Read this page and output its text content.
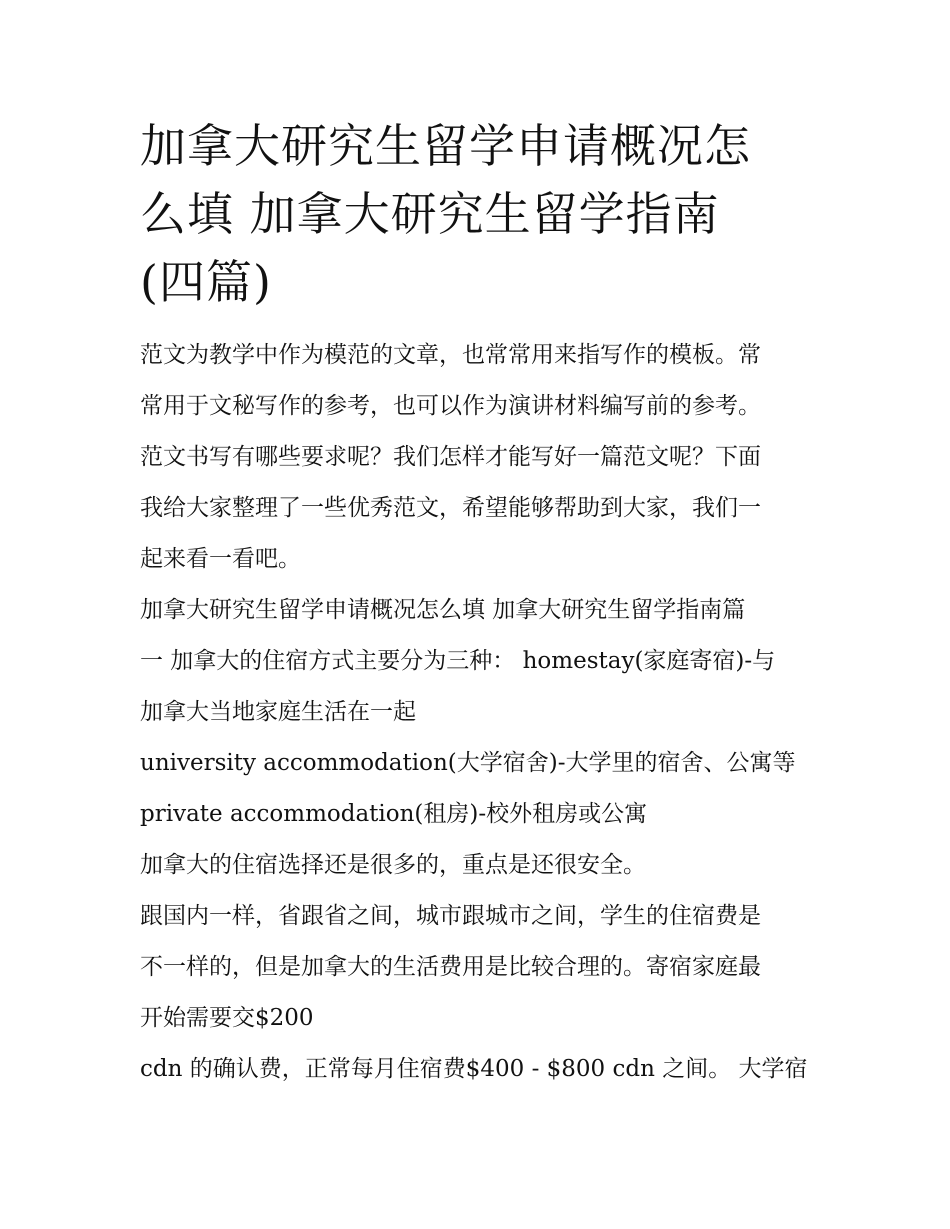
加拿大研究生留学申请概况怎
么填 加拿大研究生留学指南
(四篇)
范文为教学中作为模范的文章，也常常用来指写作的模板。常
常用于文秘写作的参考，也可以作为演讲材料编写前的参考。
范文书写有哪些要求呢？我们怎样才能写好一篇范文呢？下面
我给大家整理了一些优秀范文，希望能够帮助到大家，我们一
起来看一看吧。
加拿大研究生留学申请概况怎么填 加拿大研究生留学指南篇
一 加拿大的住宿方式主要分为三种： homestay(家庭寄宿)-与
加拿大当地家庭生活在一起
university accommodation(大学宿舍)-大学里的宿舍、公寓等
private accommodation(租房)-校外租房或公寓
加拿大的住宿选择还是很多的，重点是还很安全。
跟国内一样，省跟省之间，城市跟城市之间，学生的住宿费是
不一样的，但是加拿大的生活费用是比较合理的。寄宿家庭最
开始需要交$200
cdn 的确认费，正常每月住宿费$400 - $800 cdn 之间。 大学宿
